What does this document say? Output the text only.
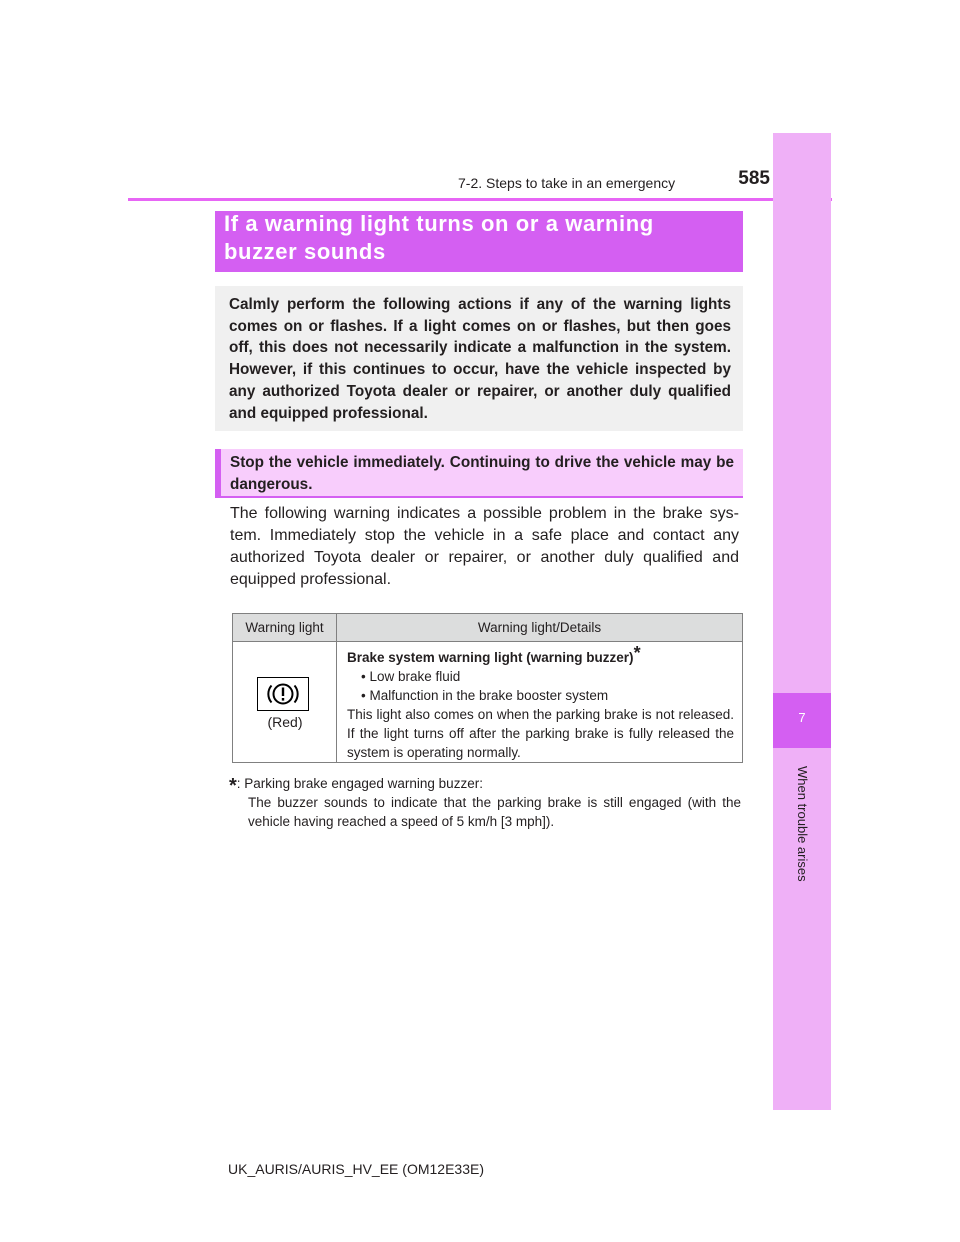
7-2. Steps to take in an emergency	585
7
When trouble arises
If a warning light turns on or a warning
buzzer sounds
Calmly perform the following actions if any of the warning lights comes on or flashes. If a light comes on or flashes, but then goes off, this does not necessarily indicate a malfunction in the system. However, if this continues to occur, have the vehicle inspected by any authorized Toyota dealer or repairer, or another duly qualified and equipped professional.
Stop the vehicle immediately. Continuing to drive the vehicle may be dangerous.
The following warning indicates a possible problem in the brake sys- tem. Immediately stop the vehicle in a safe place and contact any authorized Toyota dealer or repairer, or another duly qualified and equipped professional.
Warning light	Warning light/Details

(Red)	Brake system warning light (warning buzzer)*
• Low brake fluid
• Malfunction in the brake booster system
This light also comes on when the parking brake is not released. If the light turns off after the parking brake is fully released the system is operating normally.
*: Parking brake engaged warning buzzer:
The buzzer sounds to indicate that the parking brake is still engaged (with the vehicle having reached a speed of 5 km/h [3 mph]).
UK_AURIS/AURIS_HV_EE (OM12E33E)
